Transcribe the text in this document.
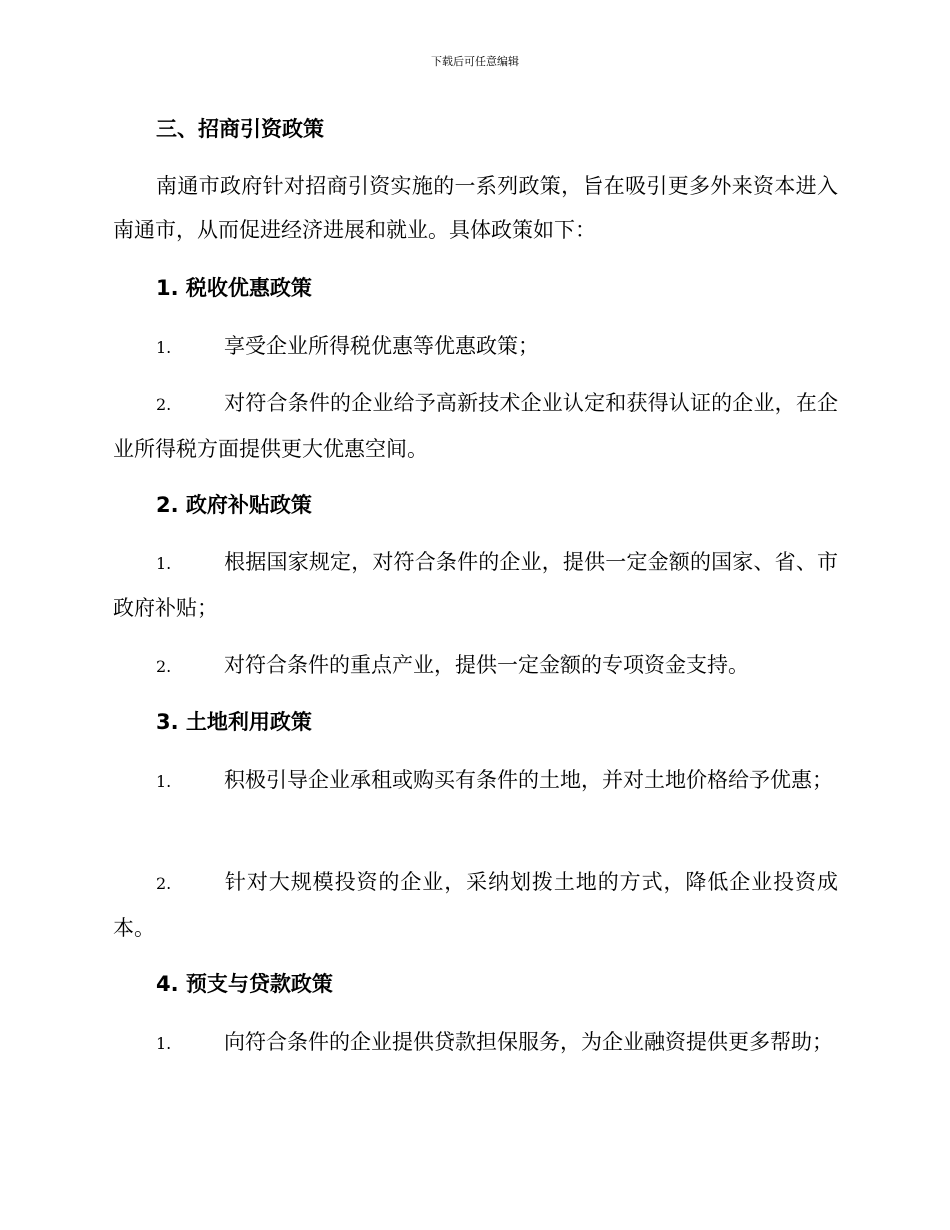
下载后可任意编辑
三、招商引资政策
南通市政府针对招商引资实施的一系列政策，旨在吸引更多外来资本进入南通市，从而促进经济进展和就业。具体政策如下：
1. 税收优惠政策
1.	享受企业所得税优惠等优惠政策；
2.	对符合条件的企业给予高新技术企业认定和获得认证的企业，在企业所得税方面提供更大优惠空间。
2. 政府补贴政策
1.	根据国家规定，对符合条件的企业，提供一定金额的国家、省、市政府补贴；
2.	对符合条件的重点产业，提供一定金额的专项资金支持。
3. 土地利用政策
1.	积极引导企业承租或购买有条件的土地，并对土地价格给予优惠；
2.	针对大规模投资的企业，采纳划拨土地的方式，降低企业投资成本。
4. 预支与贷款政策
1.	向符合条件的企业提供贷款担保服务，为企业融资提供更多帮助；
